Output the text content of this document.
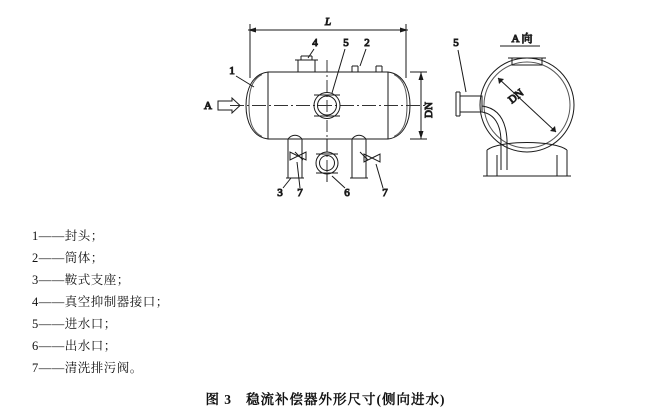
L
DN
A
1
2
4 5
3 7	6	7
A 向
DN
5
1——封头；
2——筒体；
3——鞍式支座；
4——真空抑制器接口；
5——进水口；
6——出水口；
7——清洗排污阀。
图 3 稳流补偿器外形尺寸(侧向进水)
